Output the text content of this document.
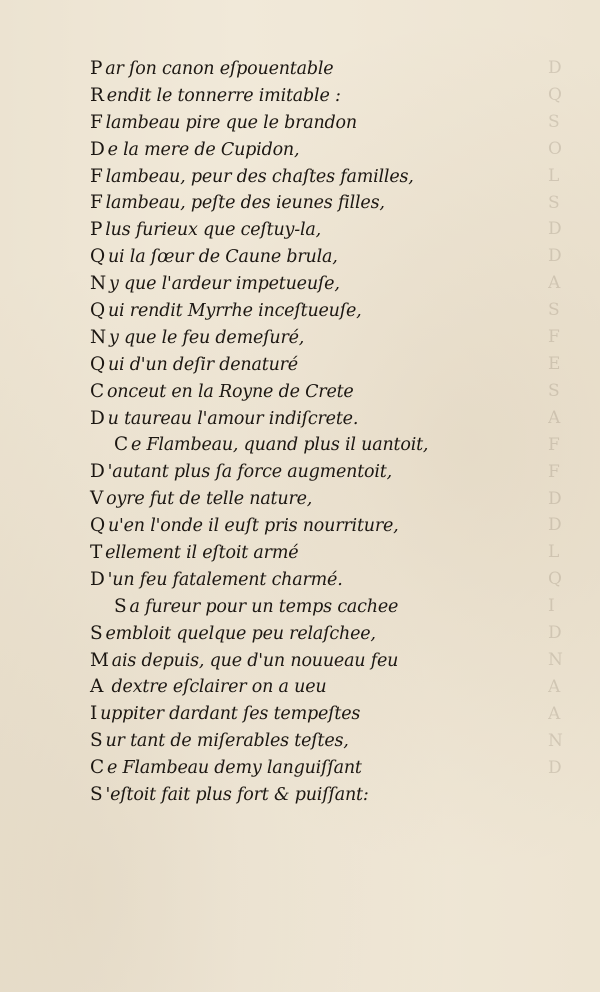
D
Q
S
O
L
S
D
D
A
S
F
E
S
A
F
F
D
D
L
Q
I
D
N
A
A
N
D
P ar ſon canon eſpouentable
R endit le tonnerre imitable :
F lambeau pire que le brandon
D e la mere de Cupidon,
F lambeau, peur des chaſtes familles,
F lambeau, peſte des ieunes filles,
P lus furieux que ceſtuy-la,
Q ui la ſœur de Caune brula,
N y que l'ardeur impetueuſe,
Q ui rendit Myrrhe inceſtueuſe,
N y que le feu demeſuré,
Q ui d'un deſir denaturé
C onceut en la Royne de Crete
D u taureau l'amour indiſcrete.
C e Flambeau, quand plus il uantoit,
D 'autant plus ſa force augmentoit,
V oyre fut de telle nature,
Q u'en l'onde il euſt pris nourriture,
T ellement il eſtoit armé
D 'un feu fatalement charmé.
S a fureur pour un temps cachee
S embloit quelque peu relaſchee,
M ais depuis, que d'un nouueau feu
A dextre eſclairer on a ueu
I uppiter dardant ſes tempeſtes
S ur tant de miſerables teſtes,
C e Flambeau demy languiſſant
S 'eſtoit fait plus fort & puiſſant:
